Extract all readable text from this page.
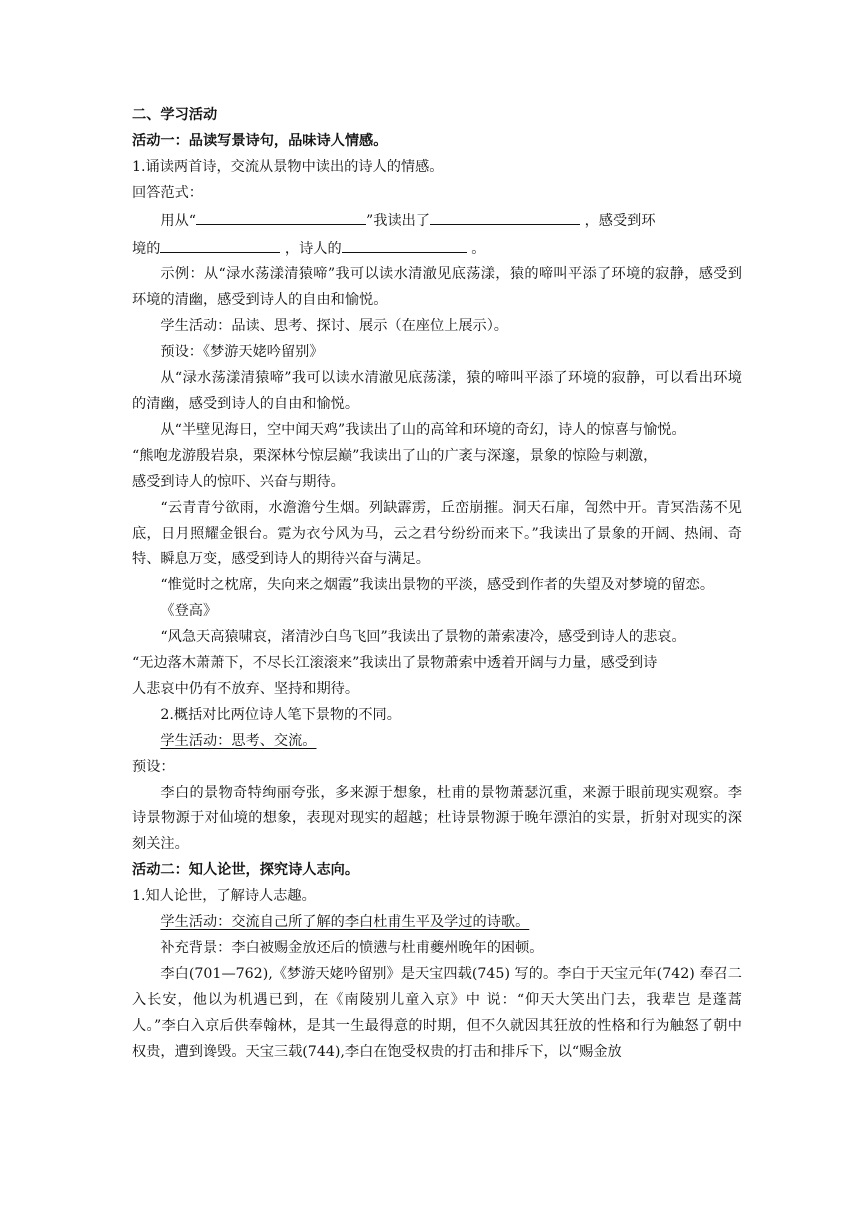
二、学习活动

活动一：品读写景诗句，品味诗人情感。

1.诵读两首诗，交流从景物中读出的诗人的情感。

回答范式：

用从“	”我读出了	，感受到环

境的	，诗人的	。

示例：从“渌水荡漾清猿啼”我可以读水清澈见底荡漾，猿的啼叫平添了环境的寂静，感受到环境的清幽，感受到诗人的自由和愉悦。

学生活动：品读、思考、探讨、展示（在座位上展示）。

预设：《梦游天姥吟留别》

从“渌水荡漾清猿啼”我可以读水清澈见底荡漾，猿的啼叫平添了环境的寂静，可以看出环境的清幽，感受到诗人的自由和愉悦。

从“半壁见海日，空中闻天鸡”我读出了山的高耸和环境的奇幻，诗人的惊喜与愉悦。

“熊咆龙游殷岩泉，栗深林兮惊层巅”我读出了山的广袤与深邃，景象的惊险与刺激，

感受到诗人的惊吓、兴奋与期待。

“云青青兮欲雨，水澹澹兮生烟。列缺霹雳，丘峦崩摧。洞天石扉，訇然中开。青冥浩荡不见底，日月照耀金银台。霓为衣兮风为马，云之君兮纷纷而来下。”我读出了景象的开阔、热闹、奇特、瞬息万变，感受到诗人的期待兴奋与满足。

“惟觉时之枕席，失向来之烟霞”我读出景物的平淡，感受到作者的失望及对梦境的留恋。

《登高》

“风急天高猿啸哀，渚清沙白鸟飞回”我读出了景物的萧索凄冷，感受到诗人的悲哀。

“无边落木萧萧下，不尽长江滚滚来”我读出了景物萧索中透着开阔与力量，感受到诗

人悲哀中仍有不放弃、坚持和期待。

2.概括对比两位诗人笔下景物的不同。

学生活动：思考、交流。

预设：

李白的景物奇特绚丽夸张，多来源于想象，杜甫的景物萧瑟沉重，来源于眼前现实观察。李诗景物源于对仙境的想象，表现对现实的超越；杜诗景物源于晚年漂泊的实景，折射对现实的深刻关注。

活动二：知人论世，探究诗人志向。

1.知人论世，了解诗人志趣。

学生活动：交流自己所了解的李白杜甫生平及学过的诗歌。

补充背景：李白被赐金放还后的愤懑与杜甫夔州晚年的困顿。

李白(701—762),《梦游天姥吟留别》是天宝四载(745) 写的。李白于天宝元年(742) 奉召二入长安，他以为机遇已到，在《南陵别儿童入京》中 说：“仰天大笑出门去，我辈岂 是蓬蒿人。”李白入京后供奉翰林，是其一生最得意的时期，但不久就因其狂放的性格和行为触怒了朝中权贵，遭到谗毁。天宝三载(744),李白在饱受权贵的打击和排斥下，以“赐金放
